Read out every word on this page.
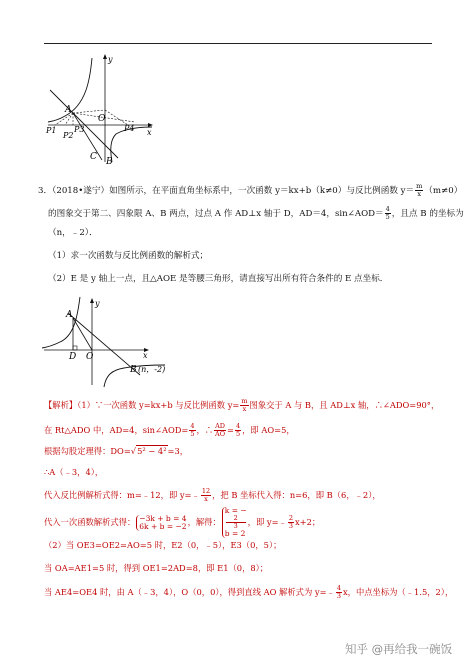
y
x
A
O
C B
P1
P2
P3	P4
3．（2018•遂宁）如图所示，在平面直角坐标系中，一次函数 y＝kx+b（k≠0）与反比例函数 $y= \frac{m}{x} (m\ne 0)$
的图象交于第二、四象限 A、B 两点，过点 A 作 AD⊥x 轴于 D，AD＝4，sin∠AOD＝ $\frac{4}{5}$ ，且点 B 的坐标为
（n，﹣2）．
（1）求一次函数与反比例函数的解析式；
（2）E 是 y 轴上一点，且△AOE 是等腰三角形，请直接写出所有符合条件的 E 点坐标．
y
x
A
D O
B (n，-2)
【解析】（1）∵一次函数 y=kx+b 与反比例函数 $y= \frac{m}{x}$ 图象交于 A 与 B，且 AD⊥x 轴，∴∠ADO=90°，
在 Rt△ADO 中，AD=4，sin∠AOD= $\frac{4}{5}$ ，∴ $\frac{AD}{AO} = \frac{4}{5}$ ，即 AO=5，
根据勾股定理得：DO=√5² − 4²=3，
∴A（﹣3，4），
代入反比例解析式得：m=﹣12，即 y=﹣ $\frac{12}{x}$ ，把 B 坐标代入得：n=6，即 B（6，﹣2），
代入一次函数解析式得： −3k + b = 4
6k + b = −2 ，解得：
k = −
2
3
b = 2
，即 y=﹣ $\frac{2}{3} x+2$；
（2）当 OE3=OE2=AO=5 时，E2（0，﹣5），E3（0，5）；
当 OA=AE1=5 时，得到 OE1=2AD=8，即 E1（0，8）；
当 AE4=OE4 时，由 A（﹣3，4），O（0，0），得到直线 AO 解析式为 y=﹣ $\frac{4}{3}$ x，中点坐标为（﹣1.5，2），
知乎 @再给我一碗饭
